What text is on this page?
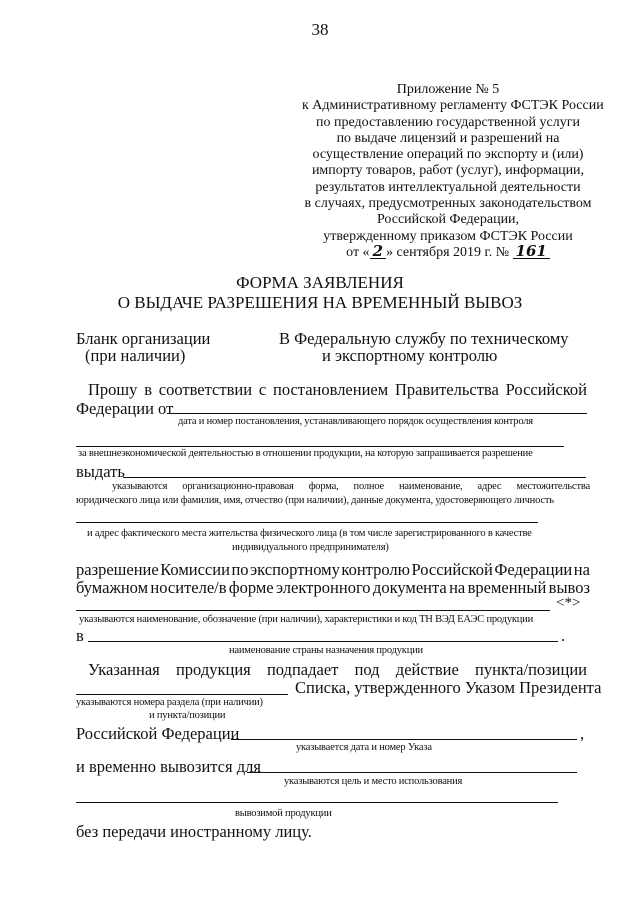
38
Приложение № 5
к Административному регламенту ФСТЭК России
по предоставлению государственной услуги
по выдаче лицензий и разрешений на
осуществление операций по экспорту и (или)
импорту товаров, работ (услуг), информации,
результатов интеллектуальной деятельности
в случаях, предусмотренных законодательством
Российской Федерации,
утвержденному приказом ФСТЭК России
от « 2 » сентября 2019 г. № 161
ФОРМА ЗАЯВЛЕНИЯ
О ВЫДАЧЕ РАЗРЕШЕНИЯ НА ВРЕМЕННЫЙ ВЫВОЗ
Бланк организации
(при наличии)
В Федеральную службу по техническому
и экспортному контролю
Прошу в соответствии с постановлением Правительства Российской
Федерации от
дата и номер постановления, устанавливающего порядок осуществления контроля
за внешнеэкономической деятельностью в отношении продукции, на которую запрашивается разрешение
выдать
указываются организационно-правовая форма, полное наименование, адрес местожительства
юридического лица или фамилия, имя, отчество (при наличии), данные документа, удостоверяющего личность
и адрес фактического места жительства физического лица (в том числе зарегистрированного в качестве
индивидуального предпринимателя)
разрешение Комиссии по экспортному контролю Российской Федерации на
бумажном носителе/в форме электронного документа на временный вывоз
<*>
указываются наименование, обозначение (при наличии), характеристики и код ТН ВЭД ЕАЭС продукции
в	.
наименование страны назначения продукции
Указанная продукция подпадает под действие пункта/позиции
Списка, утвержденного Указом Президента
указываются номера раздела (при наличии)
и пункта/позиции
Российской Федерации	,
указывается дата и номер Указа
и временно вывозится для
указываются цель и место использования
вывозимой продукции
без передачи иностранному лицу.
